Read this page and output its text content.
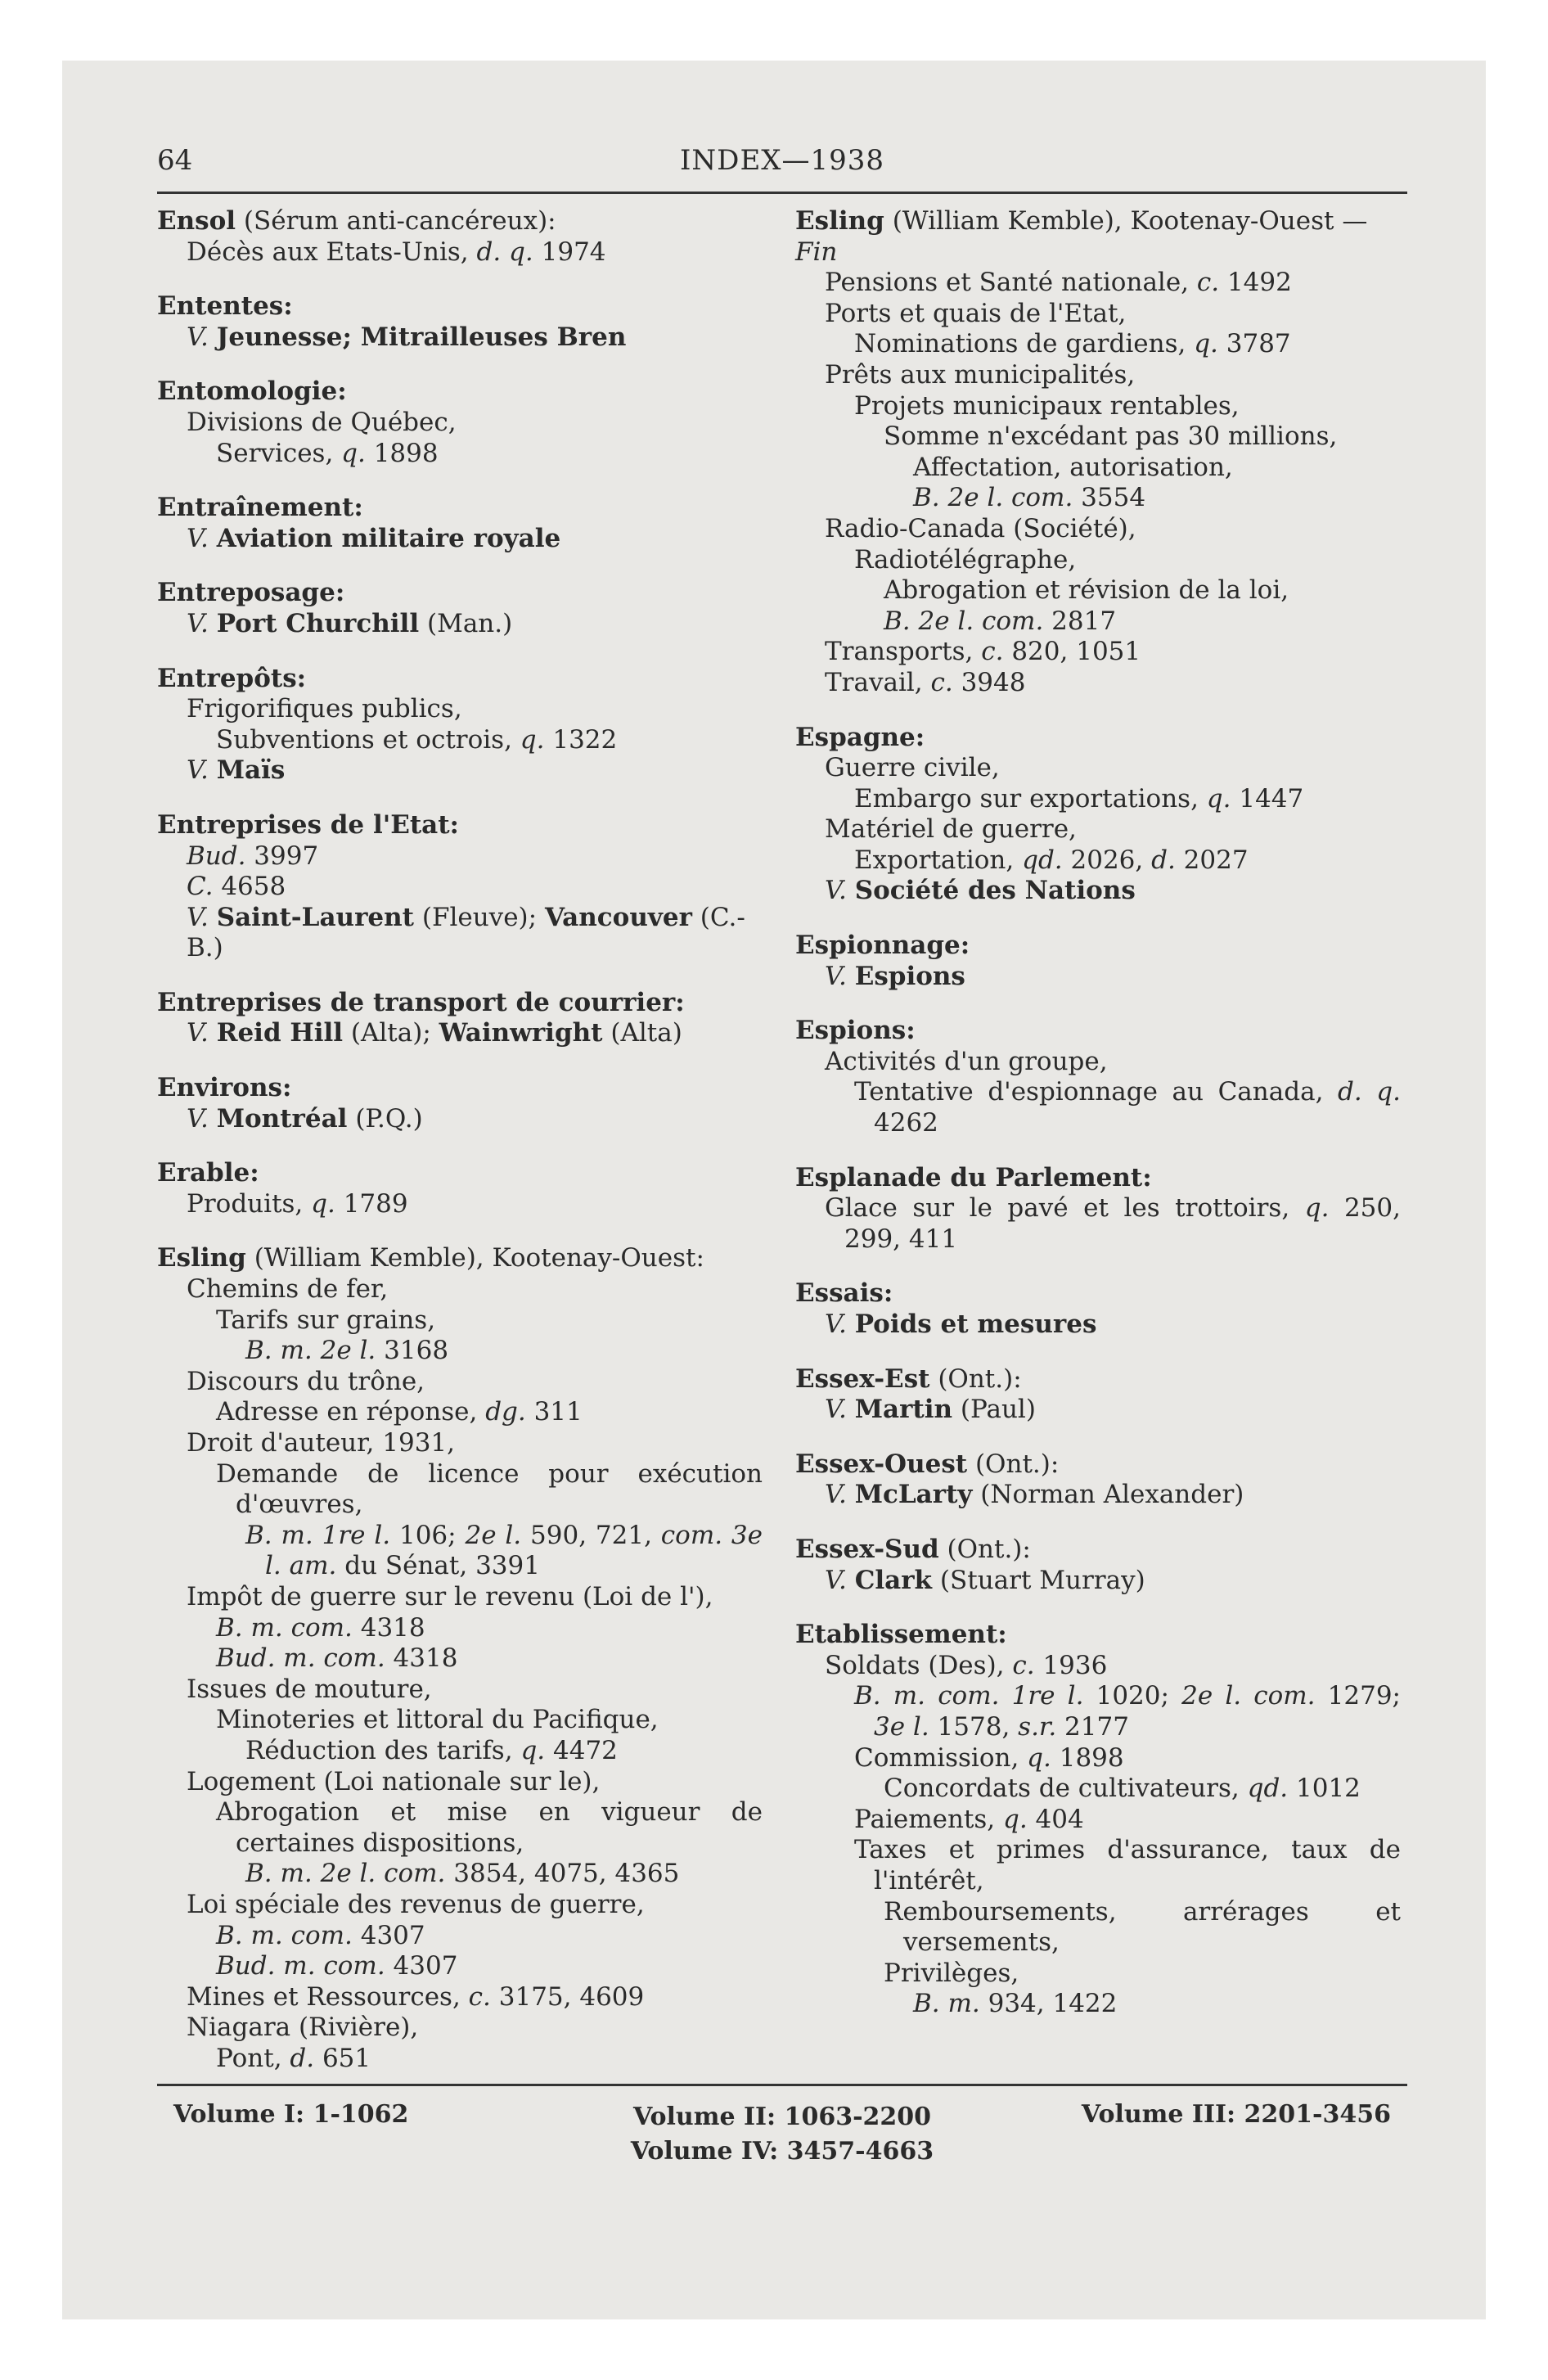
64	INDEX—1938
Ensol (Sérum anti-cancéreux):
Décès aux Etats-Unis, d. q. 1974
Ententes:
V. Jeunesse; Mitrailleuses Bren
Entomologie:
Divisions de Québec,
Services, q. 1898
Entraînement:
V. Aviation militaire royale
Entreposage:
V. Port Churchill (Man.)
Entrepôts:
Frigorifiques publics,
Subventions et octrois, q. 1322
V. Maïs
Entreprises de l'Etat:
Bud. 3997
C. 4658
V. Saint-Laurent (Fleuve); Vancouver (C.-B.)
Entreprises de transport de courrier:
V. Reid Hill (Alta); Wainwright (Alta)
Environs:
V. Montréal (P.Q.)
Erable:
Produits, q. 1789
Esling (William Kemble), Kootenay-Ouest:
Chemins de fer,
Tarifs sur grains,
B. m. 2e l. 3168
Discours du trône,
Adresse en réponse, dg. 311
Droit d'auteur, 1931,
Demande de licence pour exécution d'œuvres,
B. m. 1re l. 106; 2e l. 590, 721, com. 3e l. am. du Sénat, 3391
Impôt de guerre sur le revenu (Loi de l'),
B. m. com. 4318
Bud. m. com. 4318
Issues de mouture,
Minoteries et littoral du Pacifique,
Réduction des tarifs, q. 4472
Logement (Loi nationale sur le),
Abrogation et mise en vigueur de certaines dispositions,
B. m. 2e l. com. 3854, 4075, 4365
Loi spéciale des revenus de guerre,
B. m. com. 4307
Bud. m. com. 4307
Mines et Ressources, c. 3175, 4609
Niagara (Rivière),
Pont, d. 651
Esling (William Kemble), Kootenay-Ouest —Fin
Pensions et Santé nationale, c. 1492
Ports et quais de l'Etat,
Nominations de gardiens, q. 3787
Prêts aux municipalités,
Projets municipaux rentables,
Somme n'excédant pas 30 millions,
Affectation, autorisation,
B. 2e l. com. 3554
Radio-Canada (Société),
Radiotélégraphe,
Abrogation et révision de la loi,
B. 2e l. com. 2817
Transports, c. 820, 1051
Travail, c. 3948
Espagne:
Guerre civile,
Embargo sur exportations, q. 1447
Matériel de guerre,
Exportation, qd. 2026, d. 2027
V. Société des Nations
Espionnage:
V. Espions
Espions:
Activités d'un groupe,
Tentative d'espionnage au Canada, d. q. 4262
Esplanade du Parlement:
Glace sur le pavé et les trottoirs, q. 250, 299, 411
Essais:
V. Poids et mesures
Essex-Est (Ont.):
V. Martin (Paul)
Essex-Ouest (Ont.):
V. McLarty (Norman Alexander)
Essex-Sud (Ont.):
V. Clark (Stuart Murray)
Etablissement:
Soldats (Des), c. 1936
B. m. com. 1re l. 1020; 2e l. com. 1279; 3e l. 1578, s.r. 2177
Commission, q. 1898
Concordats de cultivateurs, qd. 1012
Paiements, q. 404
Taxes et primes d'assurance, taux de l'intérêt,
Remboursements, arrérages et versements,
Privilèges,
B. m. 934, 1422
Volume I: 1-1062	Volume II: 1063-2200
Volume IV: 3457-4663
Volume III: 2201-3456
